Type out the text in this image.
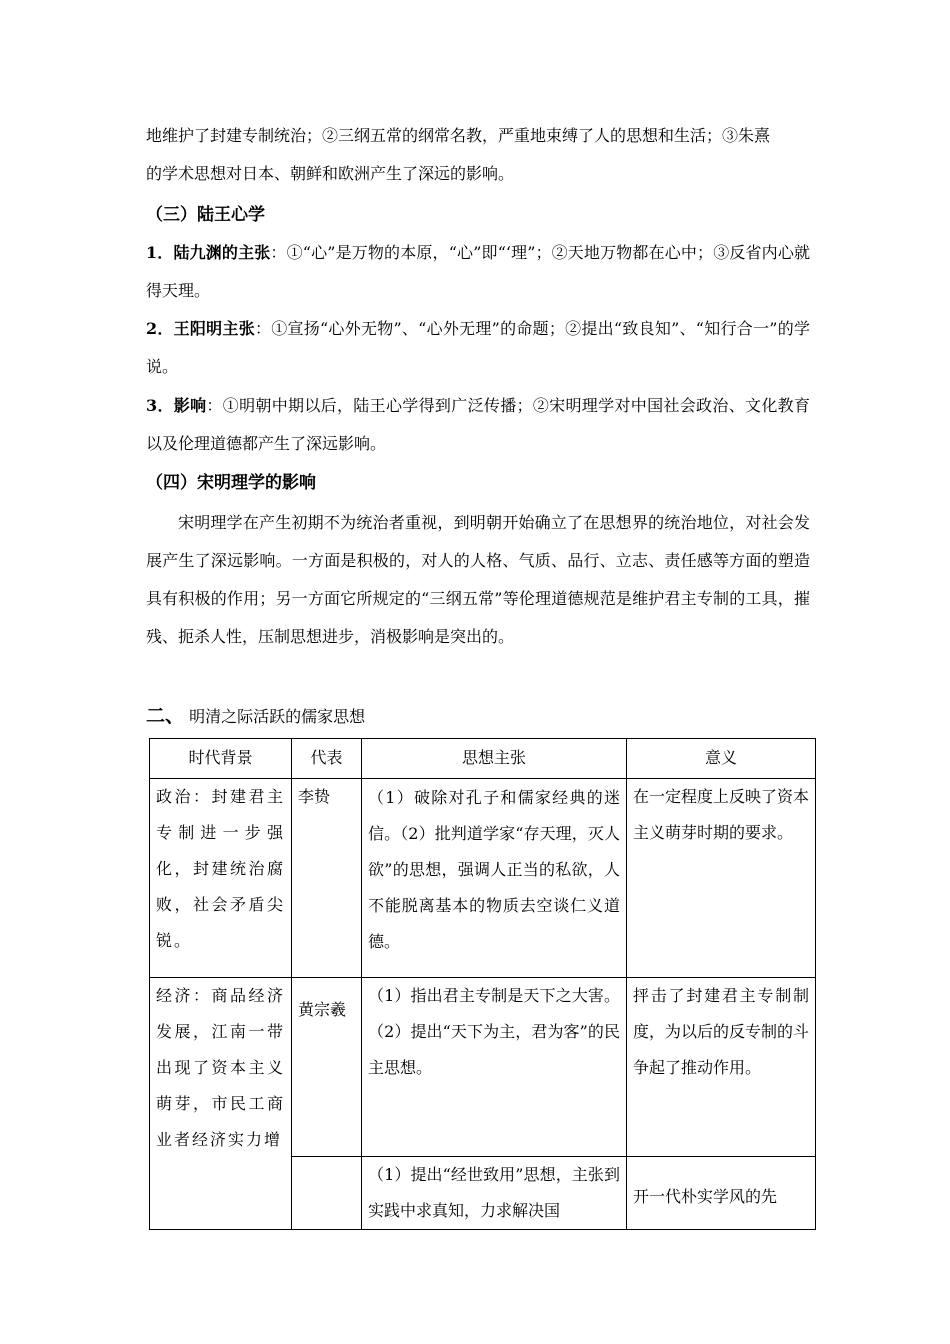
地维护了封建专制统治；②三纲五常的纲常名教，严重地束缚了人的思想和生活；③朱熹
的学术思想对日本、朝鲜和欧洲产生了深远的影响。
（三）陆王心学
1．陆九渊的主张：①“心”是万物的本原，“心”即“‘理”；②天地万物都在心中；③反省内心就得天理。
2．王阳明主张：①宣扬“心外无物”、“心外无理”的命题；②提出“致良知”、“知行合一”的学说。
3．影响：①明朝中期以后，陆王心学得到广泛传播；②宋明理学对中国社会政治、文化教育以及伦理道德都产生了深远影响。
（四）宋明理学的影响
宋明理学在产生初期不为统治者重视，到明朝开始确立了在思想界的统治地位，对社会发展产生了深远影响。一方面是积极的，对人的人格、气质、品行、立志、责任感等方面的塑造具有积极的作用；另一方面它所规定的“三纲五常”等伦理道德规范是维护君主专制的工具，摧残、扼杀人性，压制思想进步，消极影响是突出的。
二、 明清之际活跃的儒家思想
时代背景	代表	思想主张	意义
政治：封建君主专制进一步强化，封建统治腐败，社会矛盾尖锐。	李贽	（1）破除对孔子和儒家经典的迷信。（2）批判道学家“存天理，灭人欲”的思想，强调人正当的私欲，人不能脱离基本的物质去空谈仁义道德。	在一定程度上反映了资本主义萌芽时期的要求。
经济：商品经济发展，江南一带出现了资本主义萌芽，市民工商业者经济实力增	黄宗羲	（1）指出君主专制是天下之大害。（2）提出“天下为主，君为客”的民主思想。	抨击了封建君主专制制度，为以后的反专制的斗争起了推动作用。
		（1）提出“经世致用”思想，主张到实践中求真知，力求解决国	开一代朴实学风的先
